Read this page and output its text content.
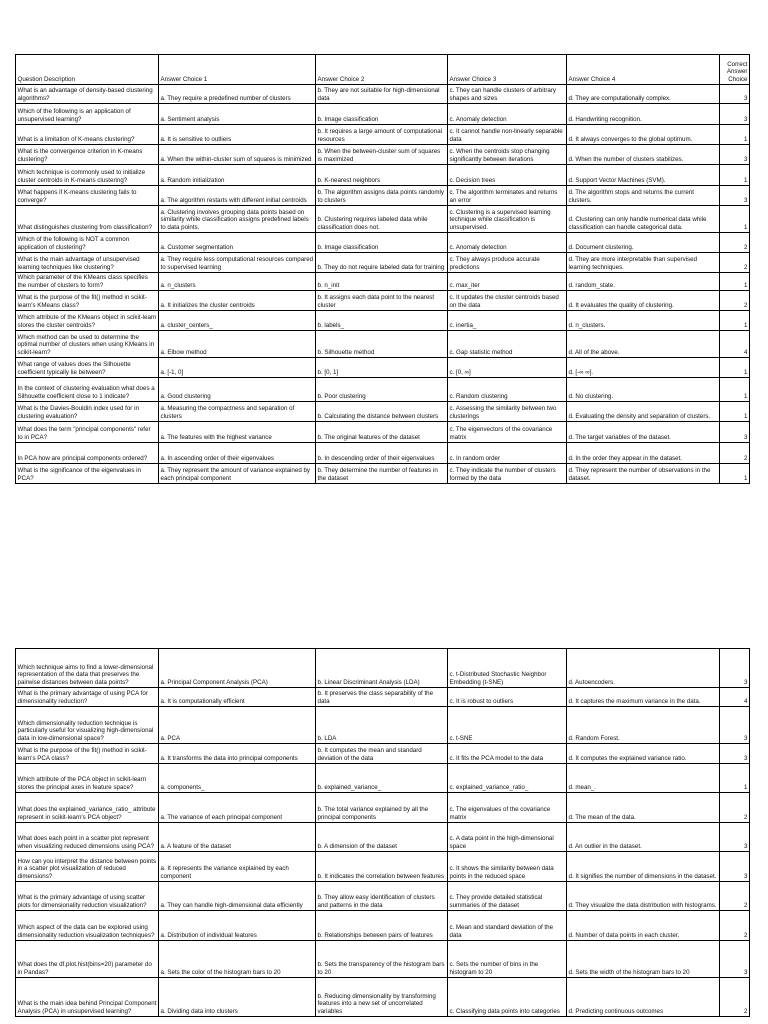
Question Description	Answer Choice 1	Answer Choice 2	Answer Choice 3	Answer Choice 4	Correct Answer Choice
What is an advantage of density-based clustering algorithms?	a. They require a predefined number of clusters	b. They are not suitable for high-dimensional data	c. They can handle clusters of arbitrary shapes and sizes	d. They are computationally complex.	3
Which of the following is an application of unsupervised learning?	a. Sentiment analysis	b. Image classification	c. Anomaly detection	d. Handwriting recognition.	3
What is a limitation of K-means clustering?	a. It is sensitive to outliers	b. It requires a large amount of computational resources	c. It cannot handle non-linearly separable data	d. It always converges to the global optimum.	1
What is the convergence criterion in K-means clustering?	a. When the within-cluster sum of squares is minimized	b. When the between-cluster sum of squares is maximized	c. When the centroids stop changing significantly between iterations	d. When the number of clusters stabilizes.	3
Which technique is commonly used to initialize cluster centroids in K-means clustering?	a. Random initialization	b. K-nearest neighbors	c. Decision trees	d. Support Vector Machines (SVM).	1
What happens if K-means clustering fails to converge?	a. The algorithm restarts with different initial centroids	b. The algorithm assigns data points randomly to clusters	c. The algorithm terminates and returns an error	d. The algorithm stops and returns the current clusters.	3
What distinguishes clustering from classification?	a. Clustering involves grouping data points based on similarity while classification assigns predefined labels to data points.	b. Clustering requires labeled data while classification does not.	c. Clustering is a supervised learning technique while classification is unsupervised.	d. Clustering can only handle numerical data while classification can handle categorical data.	1
Which of the following is NOT a common application of clustering?	a. Customer segmentation	b. Image classification	c. Anomaly detection	d. Document clustering.	2
What is the main advantage of unsupervised learning techniques like clustering?	a. They require less computational resources compared to supervised learning	b. They do not require labeled data for training	c. They always produce accurate predictions	d. They are more interpretable than supervised learning techniques.	2
Which parameter of the KMeans class specifies the number of clusters to form?	a. n_clusters	b. n_init	c. max_iter	d. random_state.	1
What is the purpose of the fit() method in scikit-learn's KMeans class?	a. It initializes the cluster centroids	b. It assigns each data point to the nearest cluster	c. It updates the cluster centroids based on the data	d. It evaluates the quality of clustering.	2
Which attribute of the KMeans object in scikit-learn stores the cluster centroids?	a. cluster_centers_	b. labels_	c. inertia_	d. n_clusters.	1
Which method can be used to determine the optimal number of clusters when using KMeans in scikit-learn?	a. Elbow method	b. Silhouette method	c. Gap statistic method	d. All of the above.	4
What range of values does the Silhouette coefficient typically lie between?	a. [-1, 0]	b. [0, 1]	c. [0, ∞]	d. [-∞ ∞].	1
In the context of clustering evaluation what does a Silhouette coefficient close to 1 indicate?	a. Good clustering	b. Poor clustering	c. Random clustering	d. No clustering.	1
What is the Davies-Bouldin index used for in clustering evaluation?	a. Measuring the compactness and separation of clusters	b. Calculating the distance between clusters	c. Assessing the similarity between two clusterings	d. Evaluating the density and separation of clusters.	1
What does the term "principal components" refer to in PCA?	a. The features with the highest variance	b. The original features of the dataset	c. The eigenvectors of the covariance matrix	d. The target variables of the dataset.	3
In PCA how are principal components ordered?	a. In ascending order of their eigenvalues	b. In descending order of their eigenvalues	c. In random order	d. In the order they appear in the dataset.	2
What is the significance of the eigenvalues in PCA?	a. They represent the amount of variance explained by each principal component	b. They determine the number of features in the dataset	c. They indicate the number of clusters formed by the data	d. They represent the number of observations in the dataset.	1
Which technique aims to find a lower-dimensional representation of the data that preserves the pairwise distances between data points?	a. Principal Component Analysis (PCA)	b. Linear Discriminant Analysis (LDA)	c. t-Distributed Stochastic Neighbor Embedding (t-SNE)	d. Autoencoders.	3
What is the primary advantage of using PCA for dimensionality reduction?	a. It is computationally efficient	b. It preserves the class separability of the data	c. It is robust to outliers	d. It captures the maximum variance in the data.	4
Which dimensionality reduction technique is particularly useful for visualizing high-dimensional data in low-dimensional space?	a. PCA	b. LDA	c. t-SNE	d. Random Forest.	3
What is the purpose of the fit() method in scikit-learn's PCA class?	a. It transforms the data into principal components	b. It computes the mean and standard deviation of the data	c. It fits the PCA model to the data	d. It computes the explained variance ratio.	3
Which attribute of the PCA object in scikit-learn stores the principal axes in feature space?	a. components_	b. explained_variance_	c. explained_variance_ratio_	d. mean_.	1
What does the explained_variance_ratio_ attribute represent in scikit-learn's PCA object?	a. The variance of each principal component	b. The total variance explained by all the principal components	c. The eigenvalues of the covariance matrix	d. The mean of the data.	2
What does each point in a scatter plot represent when visualizing reduced dimensions using PCA?	a. A feature of the dataset	b. A dimension of the dataset	c. A data point in the high-dimensional space	d. An outlier in the dataset.	3
How can you interpret the distance between points in a scatter plot visualization of reduced dimensions?	a. It represents the variance explained by each component	b. It indicates the correlation between features	c. It shows the similarity between data points in the reduced space	d. It signifies the number of dimensions in the dataset.	3
What is the primary advantage of using scatter plots for dimensionality reduction visualization?	a. They can handle high-dimensional data efficiently	b. They allow easy identification of clusters and patterns in the data	c. They provide detailed statistical summaries of the dataset	d. They visualize the data distribution with histograms.	2
Which aspect of the data can be explored using dimensionality reduction visualization techniques?	a. Distribution of individual features	b. Relationships between pairs of features	c. Mean and standard deviation of the data	d. Number of data points in each cluster.	2
What does the df.plot.hist(bins=20) parameter do in Pandas?	a. Sets the color of the histogram bars to 20	b. Sets the transparency of the histogram bars to 20	c. Sets the number of bins in the histogram to 20	d. Sets the width of the histogram bars to 20	3
What is the main idea behind Principal Component Analysis (PCA) in unsupervised learning?	a. Dividing data into clusters	b. Reducing dimensionality by transforming features into a new set of uncorrelated variables	c. Classifying data points into categories	d. Predicting continuous outcomes	2
